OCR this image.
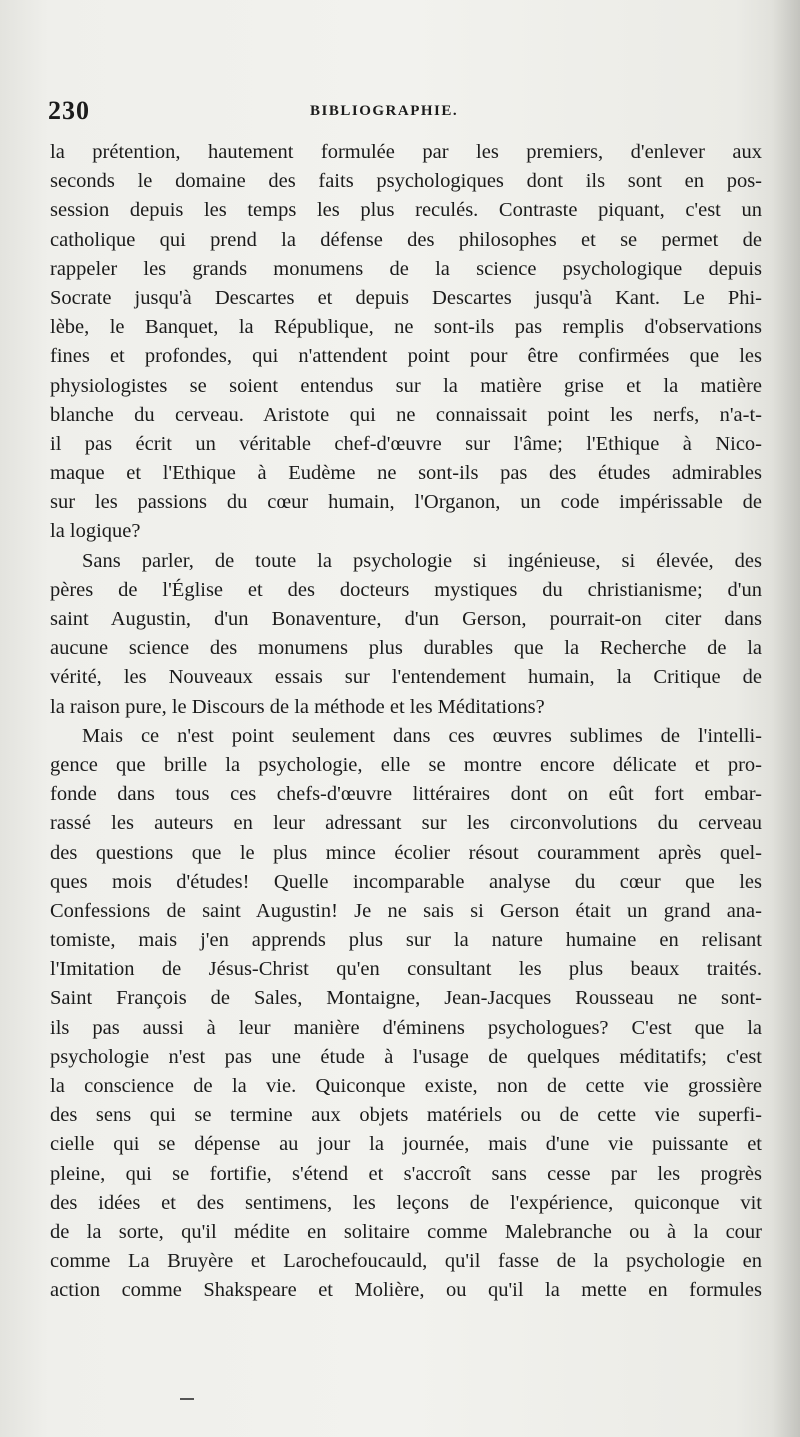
230	BIBLIOGRAPHIE.
la prétention, hautement formulée par les premiers, d'enlever aux
seconds le domaine des faits psychologiques dont ils sont en pos-
session depuis les temps les plus reculés. Contraste piquant, c'est un
catholique qui prend la défense des philosophes et se permet de
rappeler les grands monumens de la science psychologique depuis
Socrate jusqu'à Descartes et depuis Descartes jusqu'à Kant. Le Phi-
lèbe, le Banquet, la République, ne sont-ils pas remplis d'observations
fines et profondes, qui n'attendent point pour être confirmées que les
physiologistes se soient entendus sur la matière grise et la matière
blanche du cerveau. Aristote qui ne connaissait point les nerfs, n'a-t-
il pas écrit un véritable chef-d'œuvre sur l'âme; l'Ethique à Nico-
maque et l'Ethique à Eudème ne sont-ils pas des études admirables
sur les passions du cœur humain, l'Organon, un code impérissable de
la logique?
Sans parler, de toute la psychologie si ingénieuse, si élevée, des
pères de l'Église et des docteurs mystiques du christianisme; d'un
saint Augustin, d'un Bonaventure, d'un Gerson, pourrait-on citer dans
aucune science des monumens plus durables que la Recherche de la
vérité, les Nouveaux essais sur l'entendement humain, la Critique de
la raison pure, le Discours de la méthode et les Méditations?
Mais ce n'est point seulement dans ces œuvres sublimes de l'intelli-
gence que brille la psychologie, elle se montre encore délicate et pro-
fonde dans tous ces chefs-d'œuvre littéraires dont on eût fort embar-
rassé les auteurs en leur adressant sur les circonvolutions du cerveau
des questions que le plus mince écolier résout couramment après quel-
ques mois d'études! Quelle incomparable analyse du cœur que les
Confessions de saint Augustin! Je ne sais si Gerson était un grand ana-
tomiste, mais j'en apprends plus sur la nature humaine en relisant
l'Imitation de Jésus-Christ qu'en consultant les plus beaux traités.
Saint François de Sales, Montaigne, Jean-Jacques Rousseau ne sont-
ils pas aussi à leur manière d'éminens psychologues? C'est que la
psychologie n'est pas une étude à l'usage de quelques méditatifs; c'est
la conscience de la vie. Quiconque existe, non de cette vie grossière
des sens qui se termine aux objets matériels ou de cette vie superfi-
cielle qui se dépense au jour la journée, mais d'une vie puissante et
pleine, qui se fortifie, s'étend et s'accroît sans cesse par les progrès
des idées et des sentimens, les leçons de l'expérience, quiconque vit
de la sorte, qu'il médite en solitaire comme Malebranche ou à la cour
comme La Bruyère et Larochefoucauld, qu'il fasse de la psychologie en
action comme Shakspeare et Molière, ou qu'il la mette en formules
